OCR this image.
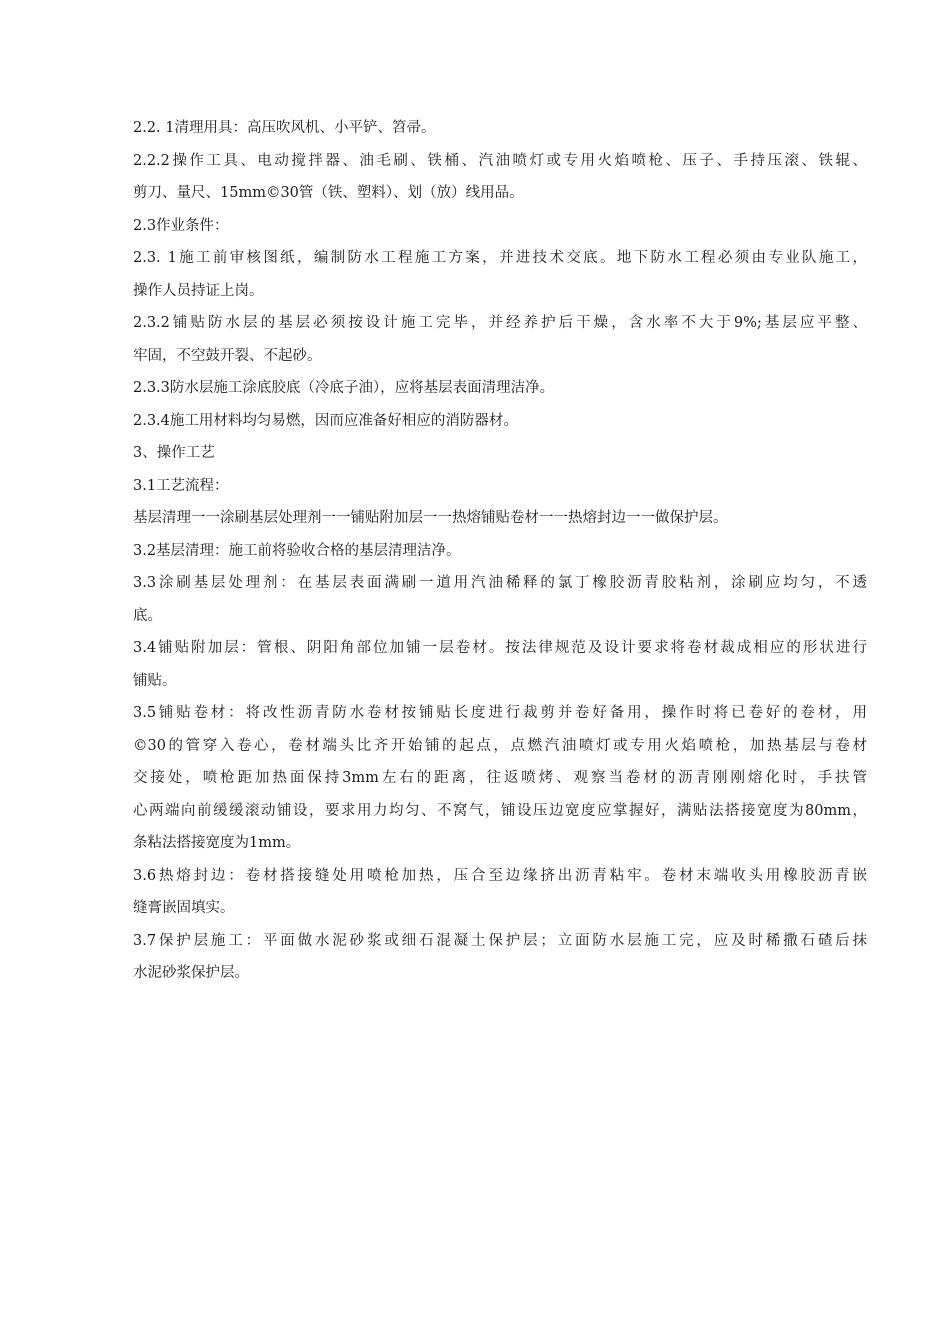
2.2. 1清理用具：高压吹风机、小平铲、笤帚。
2.2.2操作工具、电动搅拌器、油毛刷、铁桶、汽油喷灯或专用火焰喷枪、压子、手持压滚、铁辊、
剪刀、量尺、15mm©30管（铁、塑料）、划（放）线用品。
2.3作业条件：
2.3. 1施工前审核图纸，编制防水工程施工方案，并进技术交底。地下防水工程必须由专业队施工，
操作人员持证上岗。
2.3.2铺贴防水层的基层必须按设计施工完毕，并经养护后干燥，含水率不大于9%;基层应平整、
牢固，不空鼓开裂、不起砂。
2.3.3防水层施工涂底胶底（冷底子油），应将基层表面清理洁净。
2.3.4施工用材料均匀易燃，因而应准备好相应的消防器材。
3、操作工艺
3.1工艺流程：
基层清理一一涂刷基层处理剂一一铺贴附加层一一热熔铺贴卷材一一热熔封边一一做保护层。
3.2基层清理：施工前将验收合格的基层清理洁净。
3.3涂刷基层处理剂：在基层表面满刷一道用汽油稀释的氯丁橡胶沥青胶粘剂，涂刷应均匀，不透
底。
3.4铺贴附加层：管根、阴阳角部位加铺一层卷材。按法律规范及设计要求将卷材裁成相应的形状进行
铺贴。
3.5铺贴卷材：将改性沥青防水卷材按铺贴长度进行裁剪并卷好备用，操作时将已卷好的卷材，用
©30的管穿入卷心，卷材端头比齐开始铺的起点，点燃汽油喷灯或专用火焰喷枪，加热基层与卷材
交接处，喷枪距加热面保持3mm左右的距离，往返喷烤、观察当卷材的沥青刚刚熔化时，手扶管
心两端向前缓缓滚动铺设，要求用力均匀、不窝气，铺设压边宽度应掌握好，满贴法搭接宽度为80mm，
条粘法搭接宽度为1mm。
3.6热熔封边：卷材搭接缝处用喷枪加热，压合至边缘挤出沥青粘牢。卷材末端收头用橡胶沥青嵌
缝膏嵌固填实。
3.7保护层施工：平面做水泥砂浆或细石混凝土保护层；立面防水层施工完，应及时稀撒石碴后抹
水泥砂浆保护层。
